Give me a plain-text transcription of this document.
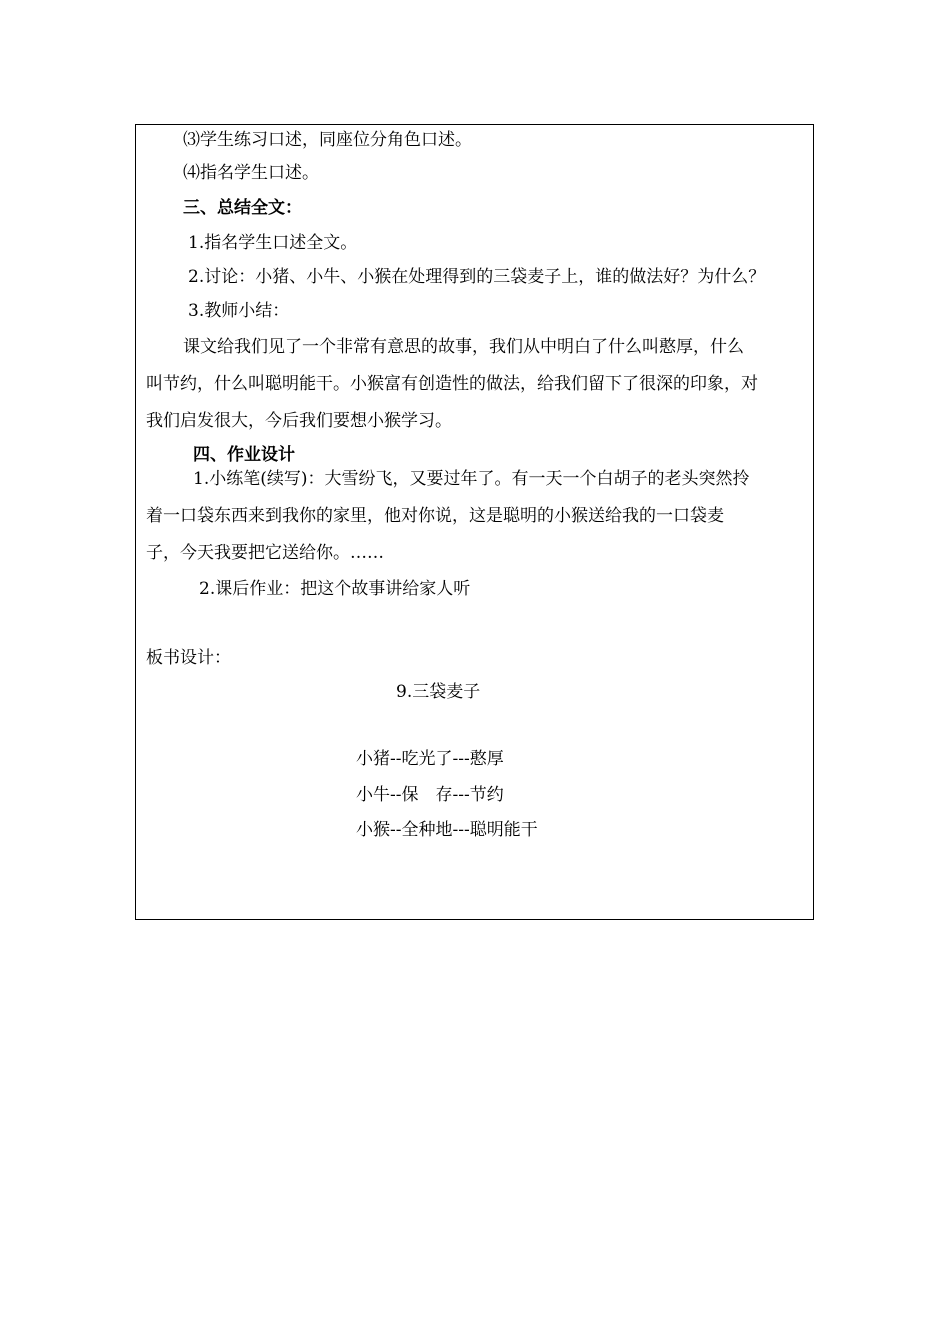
⑶学生练习口述，同座位分角色口述。
⑷指名学生口述。
三、总结全文：
1.指名学生口述全文。
2.讨论：小猪、小牛、小猴在处理得到的三袋麦子上，谁的做法好？为什么？
3.教师小结：
课文给我们见了一个非常有意思的故事，我们从中明白了什么叫憨厚，什么
叫节约，什么叫聪明能干。小猴富有创造性的做法，给我们留下了很深的印象，对
我们启发很大，今后我们要想小猴学习。
四、作业设计
1.小练笔(续写)：大雪纷飞，又要过年了。有一天一个白胡子的老头突然拎
着一口袋东西来到我你的家里，他对你说，这是聪明的小猴送给我的一口袋麦
子，今天我要把它送给你。……
2.课后作业：把这个故事讲给家人听
板书设计：
9.三袋麦子
小猪--吃光了---憨厚
小牛--保　存---节约
小猴--全种地---聪明能干
